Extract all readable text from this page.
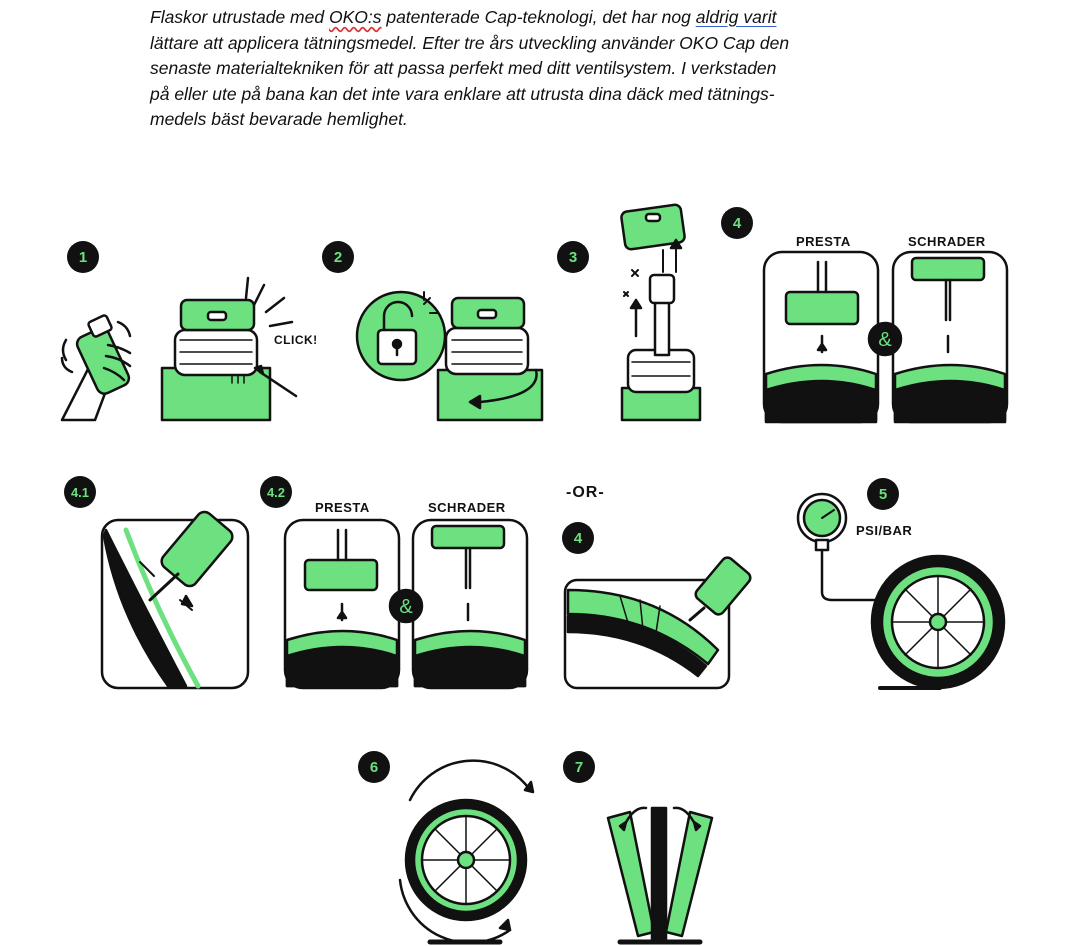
Flaskor utrustade med OKO:s patenterade Cap-teknologi, det har nog aldrig varit

lättare att applicera tätningsmedel. Efter tre års utveckling använder OKO Cap den

senaste materialtekniken för att passa perfekt med ditt ventilsystem. I verkstaden

på eller ute på bana kan det inte vara enklare att utrusta dina däck med tätnings-

medels bäst bevarade hemlighet.

1	2	3
4
4.1	4.2
4
5
6	7
CLICK!
PRESTA	SCHRADER
PRESTA	SCHRADER
-OR-
PSI/BAR
&
&
